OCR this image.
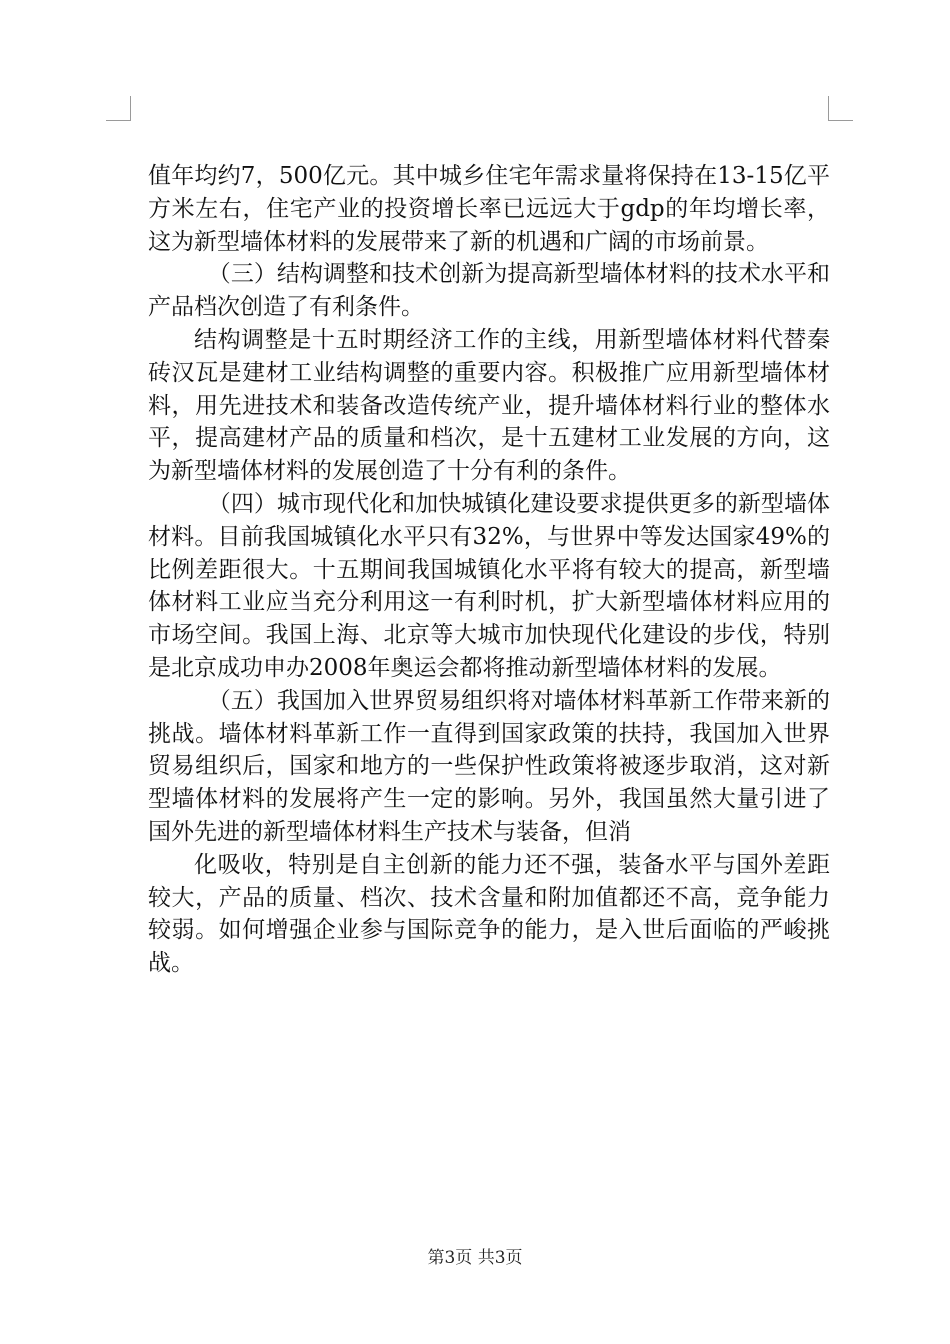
值年均约7，500亿元。其中城乡住宅年需求量将保持在13-15亿平方米左右，住宅产业的投资增长率已远远大于gdp的年均增长率，这为新型墙体材料的发展带来了新的机遇和广阔的市场前景。

（三）结构调整和技术创新为提高新型墙体材料的技术水平和产品档次创造了有利条件。

结构调整是十五时期经济工作的主线，用新型墙体材料代替秦砖汉瓦是建材工业结构调整的重要内容。积极推广应用新型墙体材料，用先进技术和装备改造传统产业，提升墙体材料行业的整体水平，提高建材产品的质量和档次，是十五建材工业发展的方向，这为新型墙体材料的发展创造了十分有利的条件。

（四）城市现代化和加快城镇化建设要求提供更多的新型墙体材料。目前我国城镇化水平只有32%，与世界中等发达国家49%的比例差距很大。十五期间我国城镇化水平将有较大的提高，新型墙体材料工业应当充分利用这一有利时机，扩大新型墙体材料应用的市场空间。我国上海、北京等大城市加快现代化建设的步伐，特别是北京成功申办2008年奥运会都将推动新型墙体材料的发展。

（五）我国加入世界贸易组织将对墙体材料革新工作带来新的挑战。墙体材料革新工作一直得到国家政策的扶持，我国加入世界贸易组织后，国家和地方的一些保护性政策将被逐步取消，这对新型墙体材料的发展将产生一定的影响。另外，我国虽然大量引进了国外先进的新型墙体材料生产技术与装备，但消

化吸收，特别是自主创新的能力还不强，装备水平与国外差距较大，产品的质量、档次、技术含量和附加值都还不高，竞争能力较弱。如何增强企业参与国际竞争的能力，是入世后面临的严峻挑战。

第3页 共3页
